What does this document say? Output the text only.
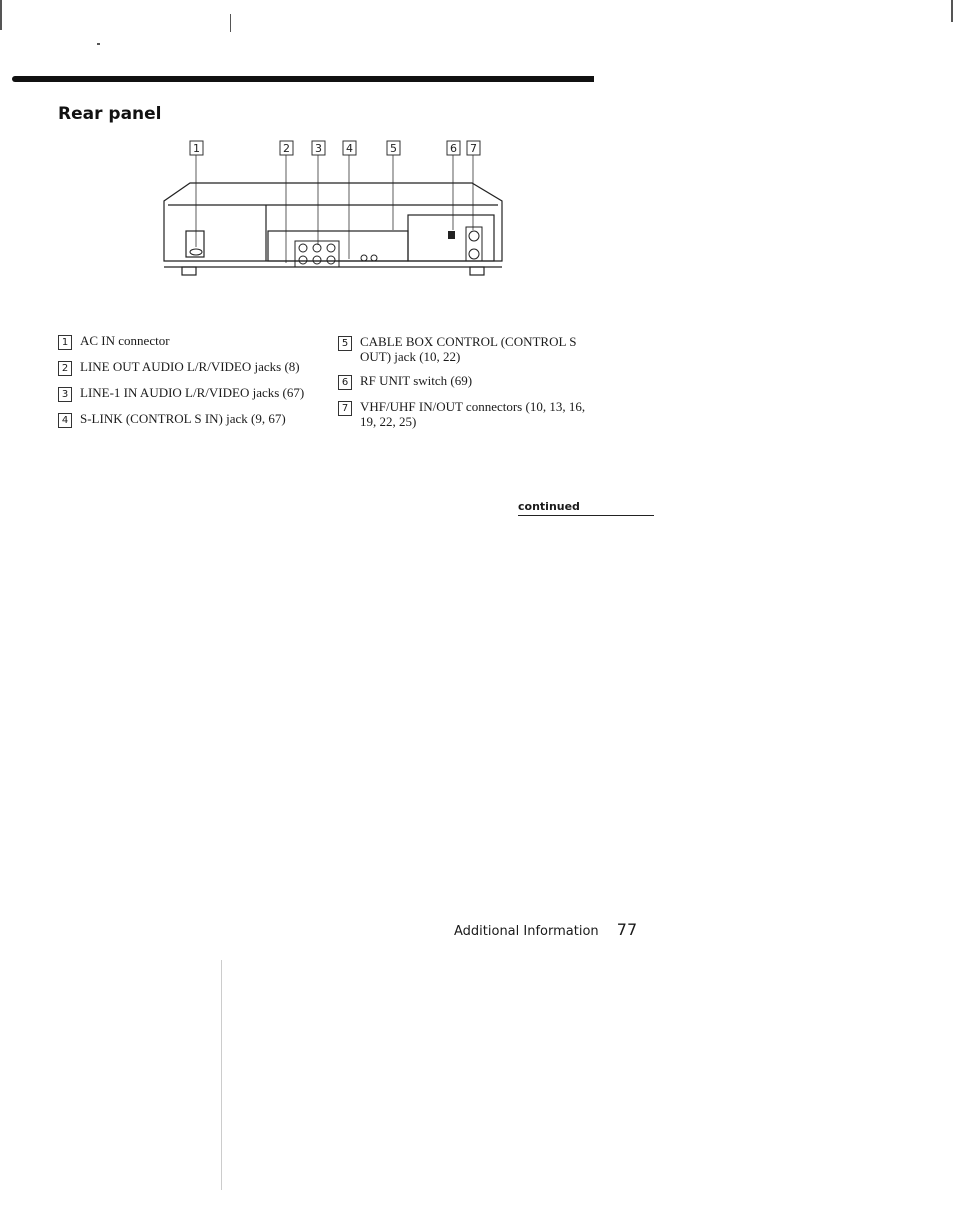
Rear panel
1	2 3 4	5	6 7
1 AC IN connector
2 LINE OUT AUDIO L/R/VIDEO jacks (8)
3 LINE-1 IN AUDIO L/R/VIDEO jacks (67)
4 S-LINK (CONTROL S IN) jack (9, 67)
5 CABLE BOX CONTROL (CONTROL S OUT) jack (10, 22)
6 RF UNIT switch (69)
7 VHF/UHF IN/OUT connectors (10, 13, 16, 19, 22, 25)
continued
Additional Information 77
